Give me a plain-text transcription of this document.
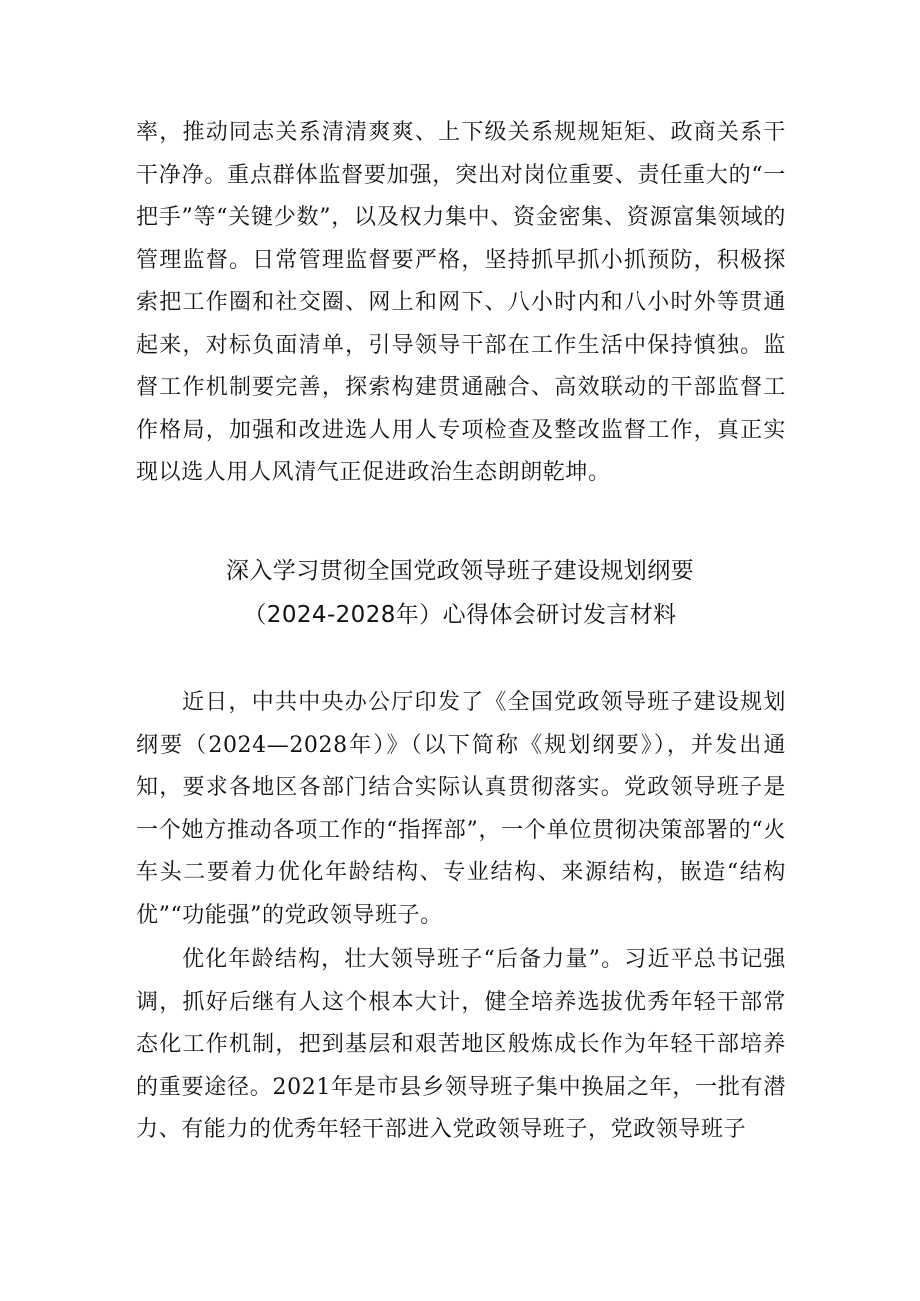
率，推动同志关系清清爽爽、上下级关系规规矩矩、政商关系干干净净。重点群体监督要加强，突出对岗位重要、责任重大的“一把手”等“关键少数”，以及权力集中、资金密集、资源富集领域的管理监督。日常管理监督要严格，坚持抓早抓小抓预防，积极探索把工作圈和社交圈、网上和网下、八小时内和八小时外等贯通起来，对标负面清单，引导领导干部在工作生活中保持慎独。监督工作机制要完善，探索构建贯通融合、高效联动的干部监督工作格局，加强和改进选人用人专项检查及整改监督工作，真正实现以选人用人风清气正促进政治生态朗朗乾坤。

深入学习贯彻全国党政领导班子建设规划纲要
（2024-2028年）心得体会研讨发言材料

近日，中共中央办公厅印发了《全国党政领导班子建设规划纲要（2024—2028年）》（以下简称《规划纲要》），并发出通知，要求各地区各部门结合实际认真贯彻落实。党政领导班子是一个她方推动各项工作的“指挥部”，一个单位贯彻决策部署的“火车头二要着力优化年龄结构、专业结构、来源结构，嵌造“结构优”“功能强”的党政领导班子。

优化年龄结构，壮大领导班子“后备力量”。习近平总书记强调，抓好后继有人这个根本大计，健全培养选拔优秀年轻干部常态化工作机制，把到基层和艰苦地区般炼成长作为年轻干部培养的重要途径。2021年是市县乡领导班子集中换届之年，一批有潜力、有能力的优秀年轻干部进入党政领导班子，党政领导班子
